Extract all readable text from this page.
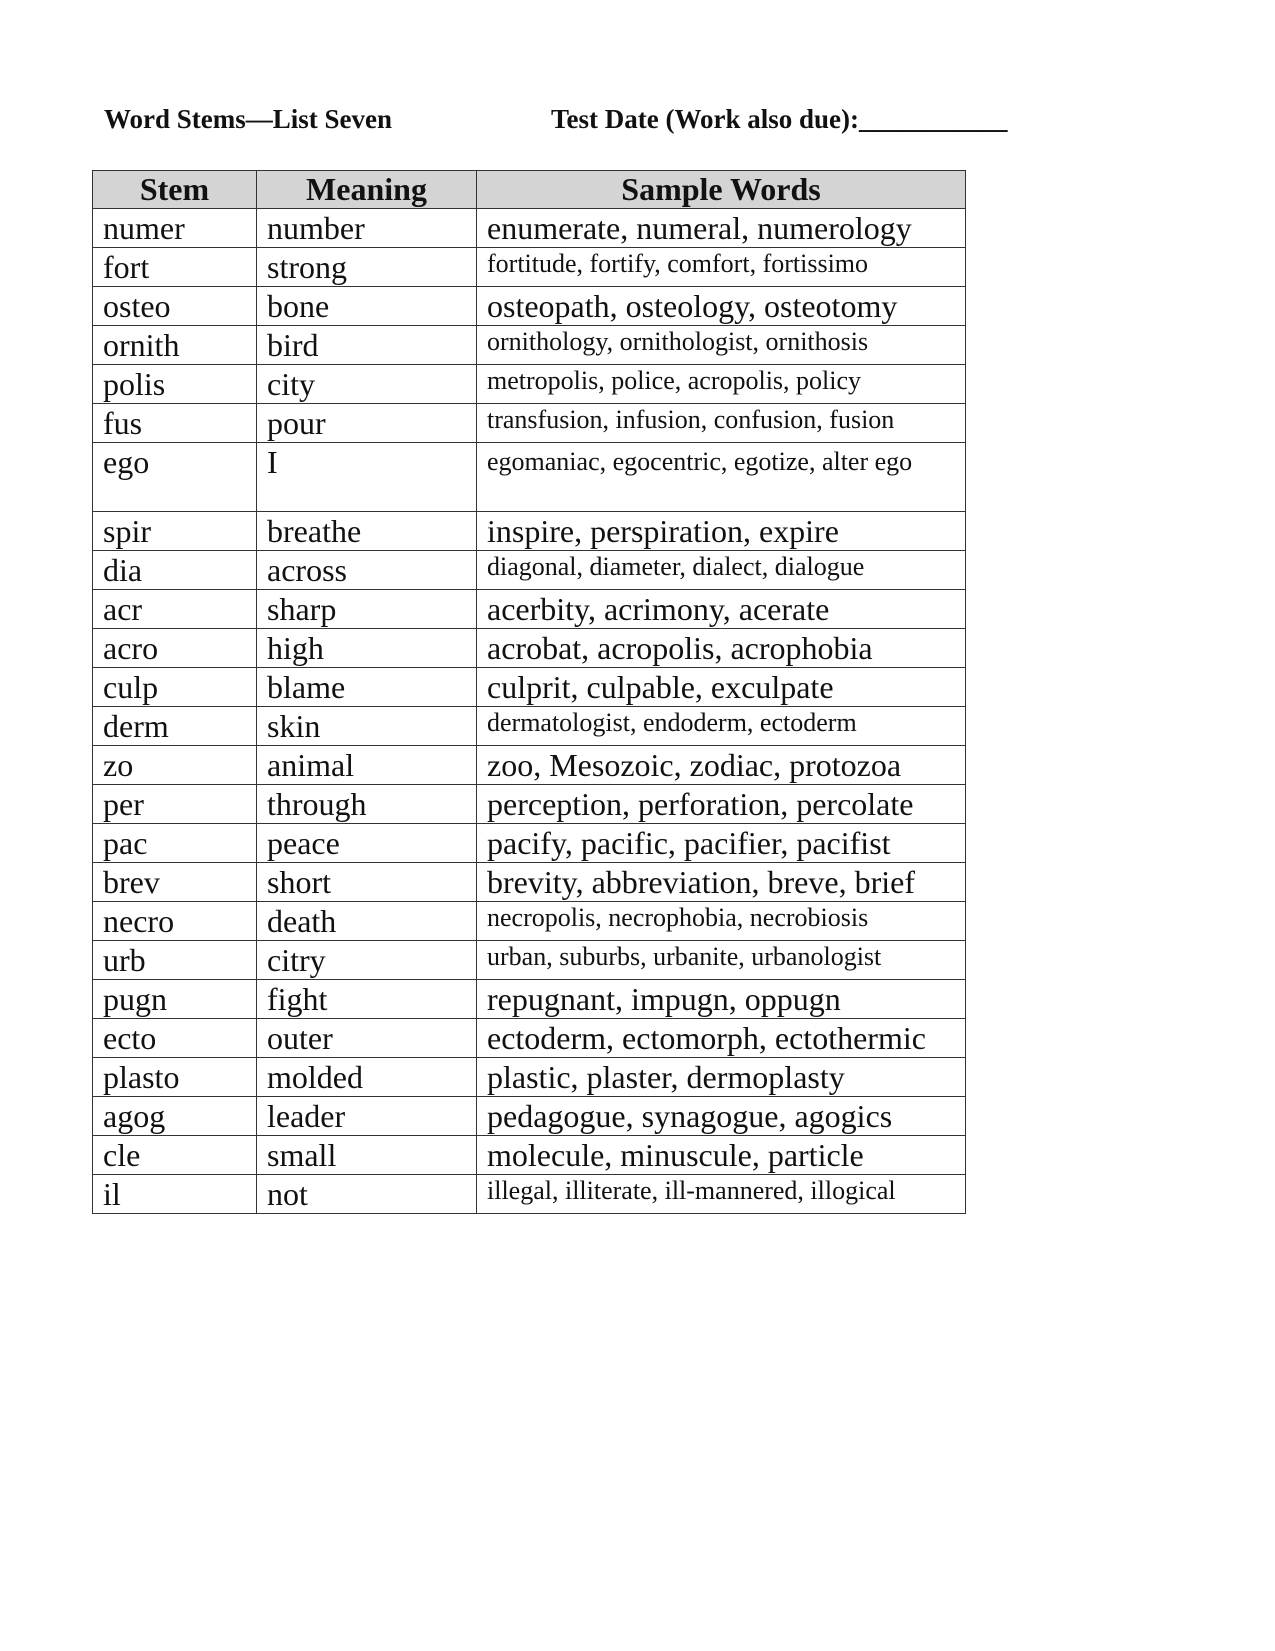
Word Stems—List Seven	Test Date (Work also due):___________
Stem	Meaning	Sample Words
numer	number	enumerate, numeral, numerology
fort	strong	fortitude, fortify, comfort, fortissimo
osteo	bone	osteopath, osteology, osteotomy
ornith	bird	ornithology, ornithologist, ornithosis
polis	city	metropolis, police, acropolis, policy
fus	pour	transfusion, infusion, confusion, fusion
ego	I	egomaniac, egocentric, egotize, alter ego
spir	breathe	inspire, perspiration, expire
dia	across	diagonal, diameter, dialect, dialogue
acr	sharp	acerbity, acrimony, acerate
acro	high	acrobat, acropolis, acrophobia
culp	blame	culprit, culpable, exculpate
derm	skin	dermatologist, endoderm, ectoderm
zo	animal	zoo, Mesozoic, zodiac, protozoa
per	through	perception, perforation, percolate
pac	peace	pacify, pacific, pacifier, pacifist
brev	short	brevity, abbreviation, breve, brief
necro	death	necropolis, necrophobia, necrobiosis
urb	citry	urban, suburbs, urbanite, urbanologist
pugn	fight	repugnant, impugn, oppugn
ecto	outer	ectoderm, ectomorph, ectothermic
plasto	molded	plastic, plaster, dermoplasty
agog	leader	pedagogue, synagogue, agogics
cle	small	molecule, minuscule, particle
il	not	illegal, illiterate, ill-mannered, illogical
